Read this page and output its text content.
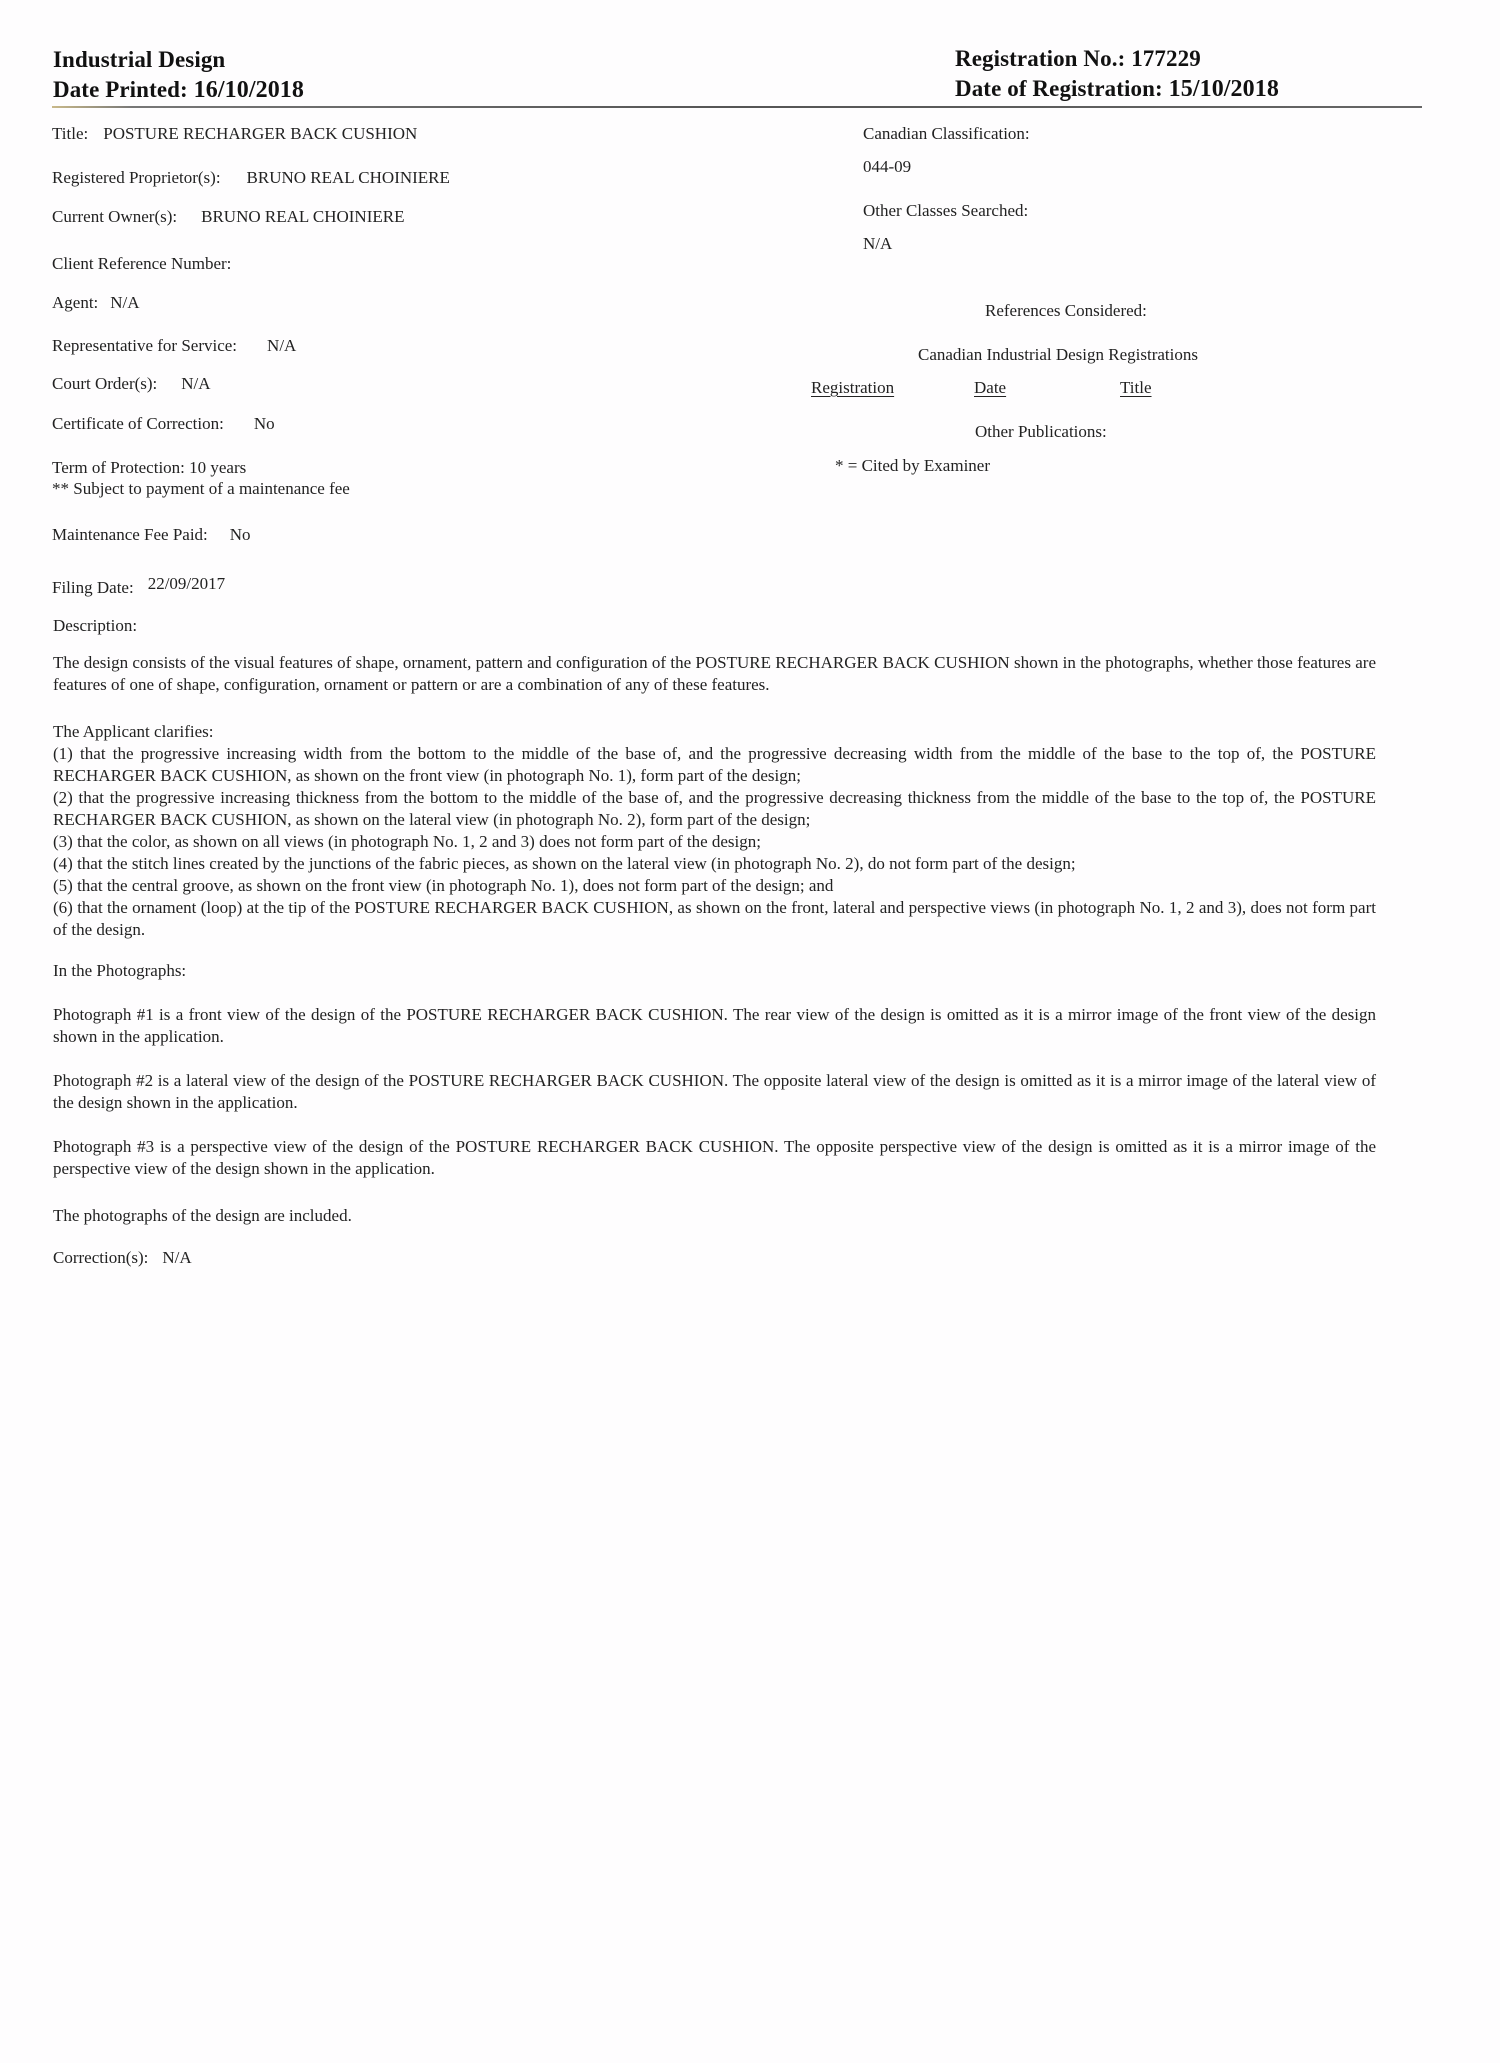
Industrial Design
Date Printed: 16/10/2018
Registration No.: 177229
Date of Registration: 15/10/2018
Title: POSTURE RECHARGER BACK CUSHION
Registered Proprietor(s): BRUNO REAL CHOINIERE
Current Owner(s): BRUNO REAL CHOINIERE
Client Reference Number:
Agent: N/A
Representative for Service: N/A
Court Order(s): N/A
Certificate of Correction: No
Term of Protection: 10 years
** Subject to payment of a maintenance fee
Maintenance Fee Paid: No
Filing Date: 22/09/2017
Description:
Canadian Classification:
044-09
Other Classes Searched:
N/A
References Considered:
Canadian Industrial Design Registrations
Registration	Date	Title
Other Publications:
* = Cited by Examiner
The design consists of the visual features of shape, ornament, pattern and configuration of the POSTURE RECHARGER BACK CUSHION shown in the photographs, whether those features are features of one of shape, configuration, ornament or pattern or are a combination of any of these features.
The Applicant clarifies:

(1) that the progressive increasing width from the bottom to the middle of the base of, and the progressive decreasing width from the middle of the base to the top of, the POSTURE RECHARGER BACK CUSHION, as shown on the front view (in photograph No. 1), form part of the design;

(2) that the progressive increasing thickness from the bottom to the middle of the base of, and the progressive decreasing thickness from the middle of the base to the top of, the POSTURE RECHARGER BACK CUSHION, as shown on the lateral view (in photograph No. 2), form part of the design;

(3) that the color, as shown on all views (in photograph No. 1, 2 and 3) does not form part of the design;

(4) that the stitch lines created by the junctions of the fabric pieces, as shown on the lateral view (in photograph No. 2), do not form part of the design;

(5) that the central groove, as shown on the front view (in photograph No. 1), does not form part of the design; and

(6) that the ornament (loop) at the tip of the POSTURE RECHARGER BACK CUSHION, as shown on the front, lateral and perspective views (in photograph No. 1, 2 and 3), does not form part of the design.

In the Photographs:
Photograph #1 is a front view of the design of the POSTURE RECHARGER BACK CUSHION. The rear view of the design is omitted as it is a mirror image of the front view of the design shown in the application.
Photograph #2 is a lateral view of the design of the POSTURE RECHARGER BACK CUSHION. The opposite lateral view of the design is omitted as it is a mirror image of the lateral view of the design shown in the application.
Photograph #3 is a perspective view of the design of the POSTURE RECHARGER BACK CUSHION. The opposite perspective view of the design is omitted as it is a mirror image of the perspective view of the design shown in the application.
The photographs of the design are included.
Correction(s): N/A
